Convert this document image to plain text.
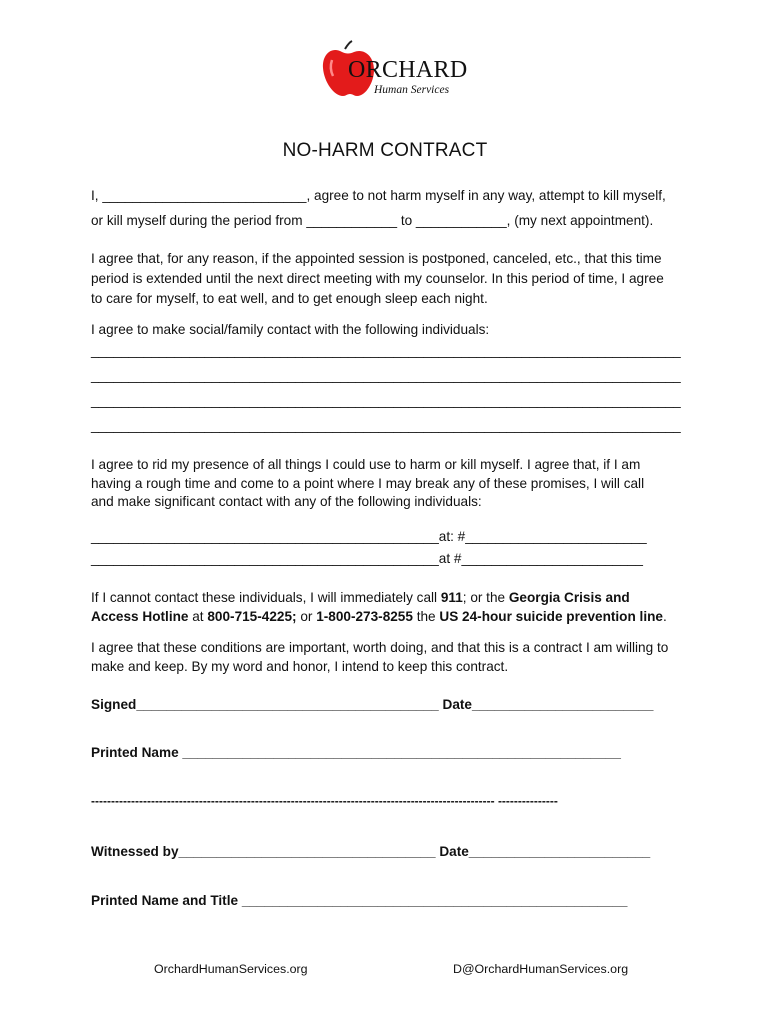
ORCHARD
Human Services
NO-HARM CONTRACT
I, ___________________________, agree to not harm myself in any way, attempt to kill myself,
or kill myself during the period from ____________ to ____________, (my next appointment).
I agree that, for any reason, if the appointed session is postponed, canceled, etc., that this time
period is extended until the next direct meeting with my counselor. In this period of time, I agree
to care for myself, to eat well, and to get enough sleep each night.
I agree to make social/family contact with the following individuals:
______________________________________________________________________________
______________________________________________________________________________
______________________________________________________________________________
______________________________________________________________________________
I agree to rid my presence of all things I could use to harm or kill myself. I agree that, if I am
having a rough time and come to a point where I may break any of these promises, I will call
and make significant contact with any of the following individuals:
______________________________________________at: #________________________
______________________________________________at #________________________
If I cannot contact these individuals, I will immediately call 911; or the Georgia Crisis and
Access Hotline at 800-715-4225; or 1-800-273-8255 the US 24-hour suicide prevention line.
I agree that these conditions are important, worth doing, and that this is a contract I am willing to
make and keep. By my word and honor, I intend to keep this contract.
Signed________________________________________ Date________________________
Printed Name __________________________________________________________
----------------------------------------------------------------------------------------------------- ---------------
Witnessed by__________________________________ Date________________________
Printed Name and Title ___________________________________________________
OrchardHumanServices.org	D@OrchardHumanServices.org
